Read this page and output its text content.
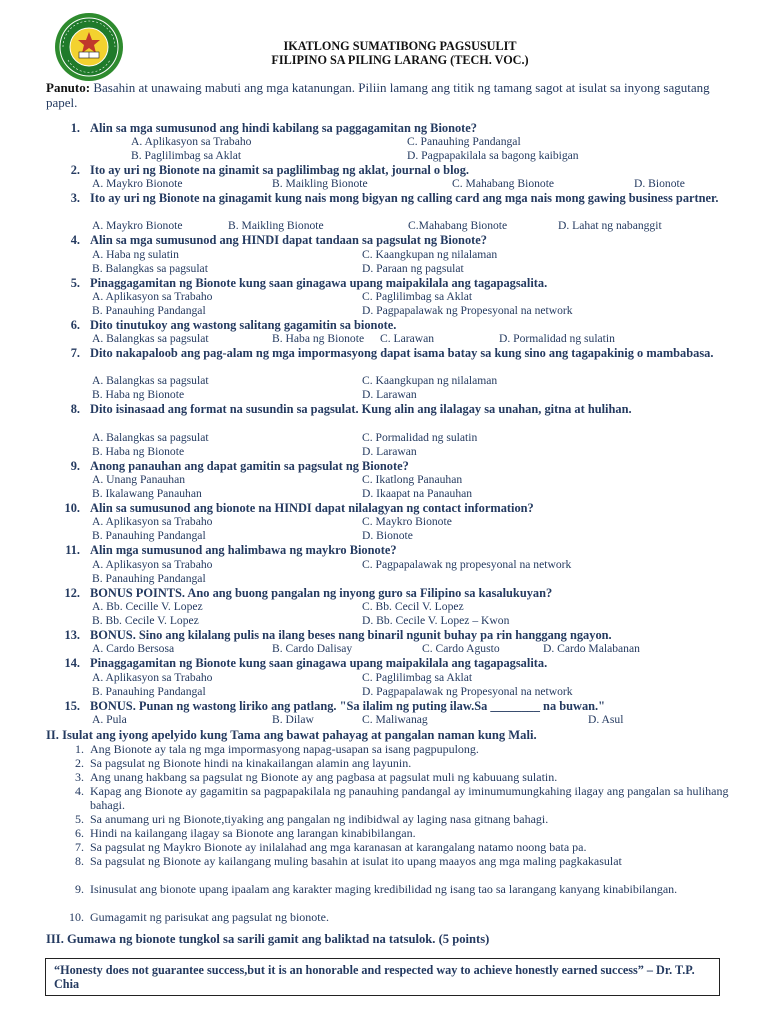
IKATLONG SUMATIBONG PAGSUSULIT
FILIPINO SA PILING LARANG (TECH. VOC.)
Panuto: Basahin at unawaing mabuti ang mga katanungan. Piliin lamang ang titik ng tamang sagot at isulat sa inyong sagutang papel.
1. Alin sa mga sumusunod ang hindi kabilang sa paggagamitan ng Bionote?
A. Aplikasyon sa Trabaho
B. Paglilimbag sa Aklat
C. Panauhing Pandangal
D. Pagpapakilala sa bagong kaibigan
2. Ito ay uri ng Bionote na ginamit sa paglilimbag ng aklat, journal o blog.
A. Maykro Bionote	B. Maikling Bionote	C. Mahabang Bionote	D. Bionote
3. Ito ay uri ng Bionote na ginagamit kung nais mong bigyan ng calling card ang mga nais mong gawing business partner.
A. Maykro Bionote	B. Maikling Bionote	C.Mahabang Bionote	D. Lahat ng nabanggit
4. Alin sa mga sumusunod ang HINDI dapat tandaan sa pagsulat ng Bionote?
A. Haba ng sulatin
B. Balangkas sa pagsulat
C. Kaangkupan ng nilalaman
D. Paraan ng pagsulat
5. Pinaggagamitan ng Bionote kung saan ginagawa upang maipakilala ang tagapagsalita.
A. Aplikasyon sa Trabaho
B. Panauhing Pandangal
C. Paglilimbag sa Aklat
D. Pagpapalawak ng Propesyonal na network
6. Dito tinutukoy ang wastong salitang gagamitin sa bionote.
A. Balangkas sa pagsulat	B. Haba ng Bionote C. Larawan	D. Pormalidad ng sulatin
7. Dito nakapaloob ang pag-alam ng mga impormasyong dapat isama batay sa kung sino ang tagapakinig o mambabasa.
A. Balangkas sa pagsulat
B. Haba ng Bionote
C. Kaangkupan ng nilalaman
D. Larawan
8. Dito isinasaad ang format na susundin sa pagsulat. Kung alin ang ilalagay sa unahan, gitna at hulihan.
A. Balangkas sa pagsulat
B. Haba ng Bionote
C. Pormalidad ng sulatin
D. Larawan
9. Anong panauhan ang dapat gamitin sa pagsulat ng Bionote?
A. Unang Panauhan
B. Ikalawang Panauhan
C. Ikatlong Panauhan
D. Ikaapat na Panauhan
10. Alin sa sumusunod ang bionote na HINDI dapat nilalagyan ng contact information?
A. Aplikasyon sa Trabaho
B. Panauhing Pandangal
C. Maykro Bionote
D. Bionote
11. Alin mga sumusunod ang halimbawa ng maykro Bionote?
A. Aplikasyon sa Trabaho
B. Panauhing Pandangal
C. Pagpapalawak ng propesyonal na network
12. BONUS POINTS. Ano ang buong pangalan ng inyong guro sa Filipino sa kasalukuyan?
A. Bb. Cecille V. Lopez
B. Bb. Cecile V. Lopez
C. Bb. Cecil V. Lopez
D. Bb. Cecile V. Lopez – Kwon
13. BONUS. Sino ang kilalang pulis na ilang beses nang binaril ngunit buhay pa rin hanggang ngayon.
A. Cardo Bersosa	B. Cardo Dalisay	C. Cardo Agusto	D. Cardo Malabanan
14. Pinaggagamitan ng Bionote kung saan ginagawa upang maipakilala ang tagapagsalita.
A. Aplikasyon sa Trabaho
B. Panauhing Pandangal
C. Paglilimbag sa Aklat
D. Pagpapalawak ng Propesyonal na network
15. BONUS. Punan ng wastong liriko ang patlang. "Sa ilalim ng puting ilaw.Sa ________ na buwan."
A. Pula	B. Dilaw	C. Maliwanag	D. Asul
II. Isulat ang iyong apelyido kung Tama ang bawat pahayag at pangalan naman kung Mali.
1. Ang Bionote ay tala ng mga impormasyong napag-usapan sa isang pagpupulong.
2. Sa pagsulat ng Bionote hindi na kinakailangan alamin ang layunin.
3. Ang unang hakbang sa pagsulat ng Bionote ay ang pagbasa at pagsulat muli ng kabuuang sulatin.
4. Kapag ang Bionote ay gagamitin sa pagpapakilala ng panauhing pandangal ay iminumumungkahing ilagay ang pangalan sa hulihang bahagi.
5. Sa anumang uri ng Bionote,tiyaking ang pangalan ng indibidwal ay laging nasa gitnang bahagi.
6. Hindi na kailangang ilagay sa Bionote ang larangan kinabibilangan.
7. Sa pagsulat ng Maykro Bionote ay inilalahad ang mga karanasan at karangalang natamo noong bata pa.
8. Sa pagsulat ng Bionote ay kailangang muling basahin at isulat ito upang maayos ang mga maling pagkakasulat
9. Isinusulat ang bionote upang ipaalam ang karakter maging kredibilidad ng isang tao sa larangang kanyang kinabibilangan.
10. Gumagamit ng parisukat ang pagsulat ng bionote.
III. Gumawa ng bionote tungkol sa sarili gamit ang baliktad na tatsulok. (5 points)
“Honesty does not guarantee success,but it is an honorable and respected way to achieve honestly earned success” – Dr. T.P. Chia
